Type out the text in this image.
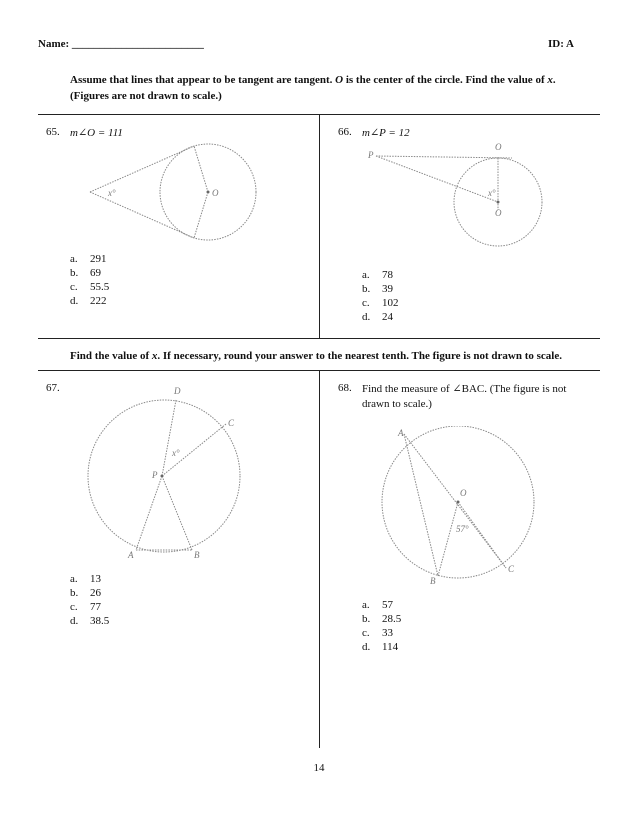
Name: ________________________	ID: A
Assume that lines that appear to be tangent are tangent. O is the center of the circle. Find the value of x.
(Figures are not drawn to scale.)
65. m∠O = 111
x°	O
a.	291
b.	69
c.	55.5
d.	222
66. m∠P = 12
P
O
x°
O
a.	78
b.	39
c.	102
d.	24
Find the value of x. If necessary, round your answer to the nearest tenth. The figure is not drawn to scale.
67.	D
C
P
x°
A	B
a.	13
b.	26
c.	77
d.	38.5
68. Find the measure of ∠BAC. (The figure is not
drawn to scale.)
A
O
57°
B
C
a.	57
b.	28.5
c.	33
d.	114
14
